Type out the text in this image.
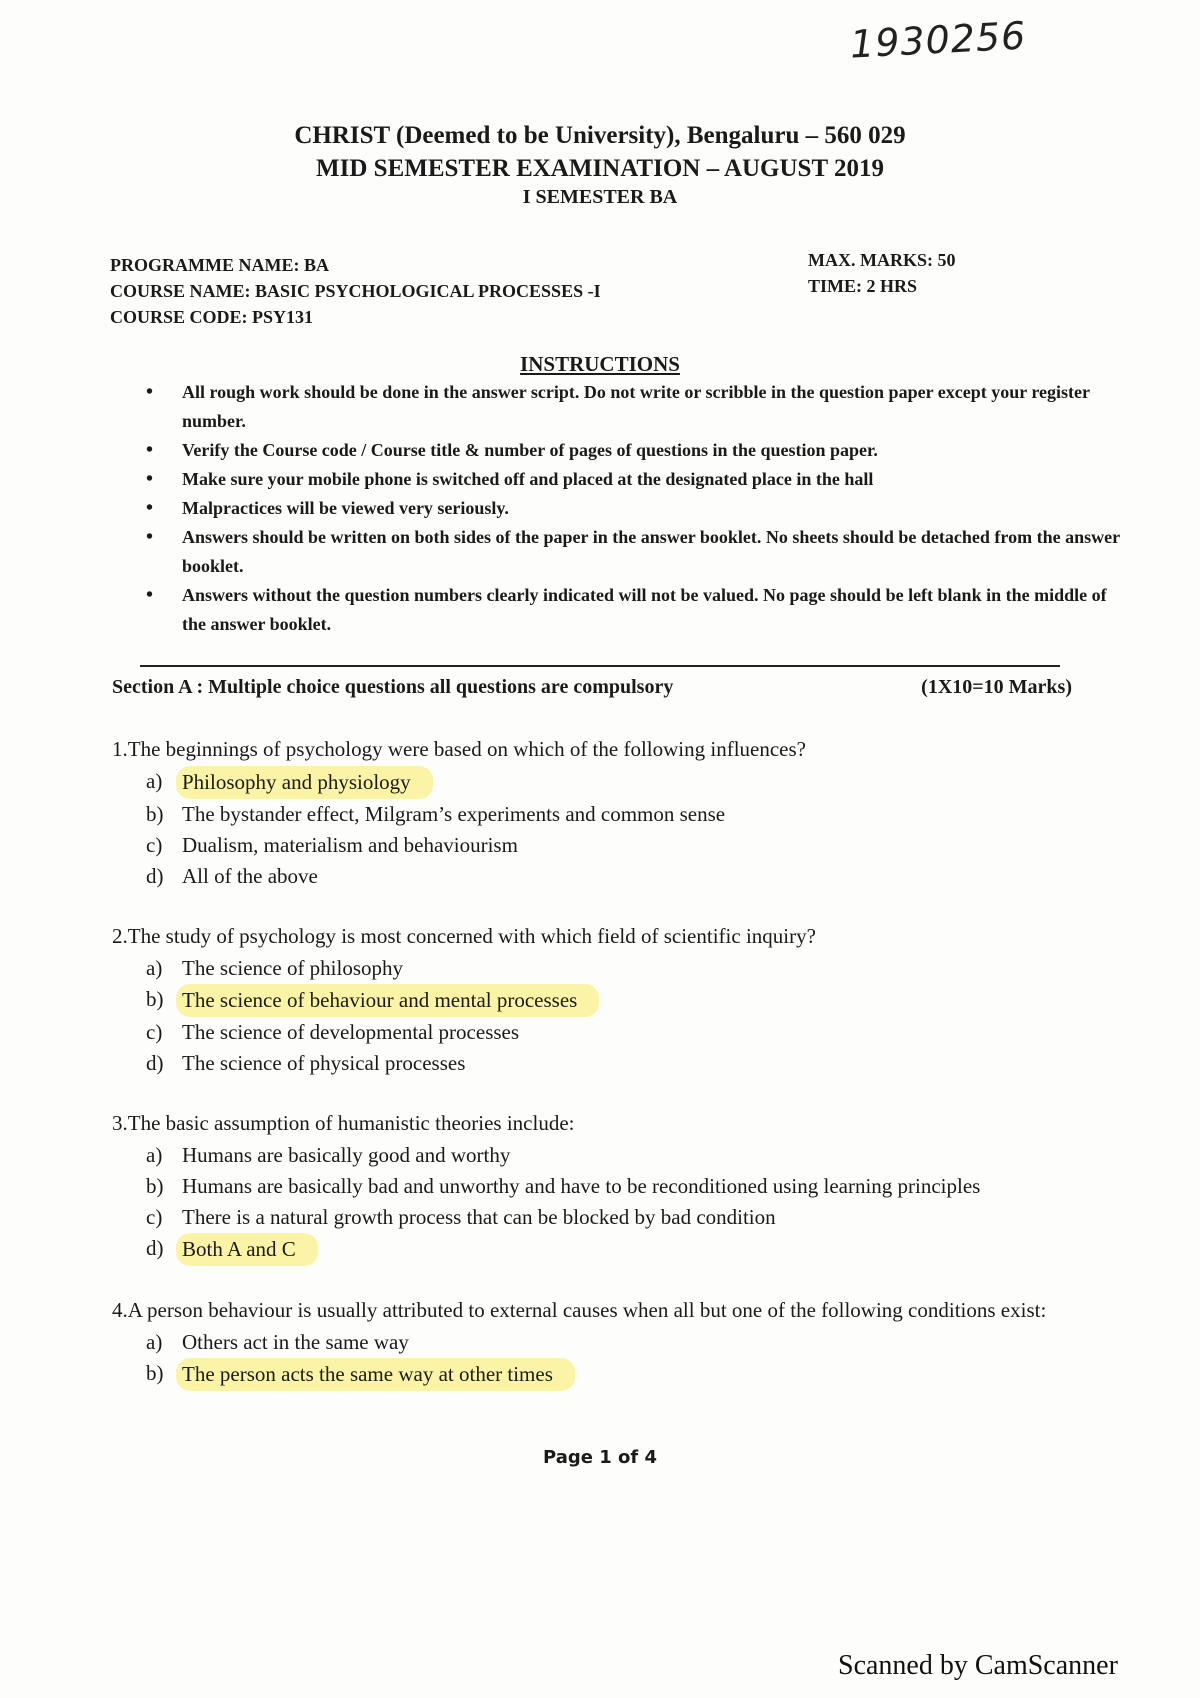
1930256
CHRIST (Deemed to be University), Bengaluru – 560 029
MID SEMESTER EXAMINATION – AUGUST 2019
I SEMESTER BA
PROGRAMME NAME: BA
COURSE NAME: BASIC PSYCHOLOGICAL PROCESSES -I
COURSE CODE: PSY131
MAX. MARKS: 50
TIME: 2 HRS
INSTRUCTIONS
• All rough work should be done in the answer script. Do not write or scribble in the question paper except your register number.
• Verify the Course code / Course title & number of pages of questions in the question paper.
• Make sure your mobile phone is switched off and placed at the designated place in the hall
• Malpractices will be viewed very seriously.
• Answers should be written on both sides of the paper in the answer booklet. No sheets should be detached from the answer booklet.
• Answers without the question numbers clearly indicated will not be valued. No page should be left blank in the middle of the answer booklet.
Section A : Multiple choice questions all questions are compulsory	(1X10=10 Marks)
1.The beginnings of psychology were based on which of the following influences?
a) Philosophy and physiology
b) The bystander effect, Milgram’s experiments and common sense
c) Dualism, materialism and behaviourism
d) All of the above
2.The study of psychology is most concerned with which field of scientific inquiry?
a) The science of philosophy
b) The science of behaviour and mental processes
c) The science of developmental processes
d) The science of physical processes
3.The basic assumption of humanistic theories include:
a) Humans are basically good and worthy
b) Humans are basically bad and unworthy and have to be reconditioned using learning principles
c) There is a natural growth process that can be blocked by bad condition
d) Both A and C
4.A person behaviour is usually attributed to external causes when all but one of the following conditions exist:
a) Others act in the same way
b) The person acts the same way at other times
Page 1 of 4
Scanned by CamScanner
